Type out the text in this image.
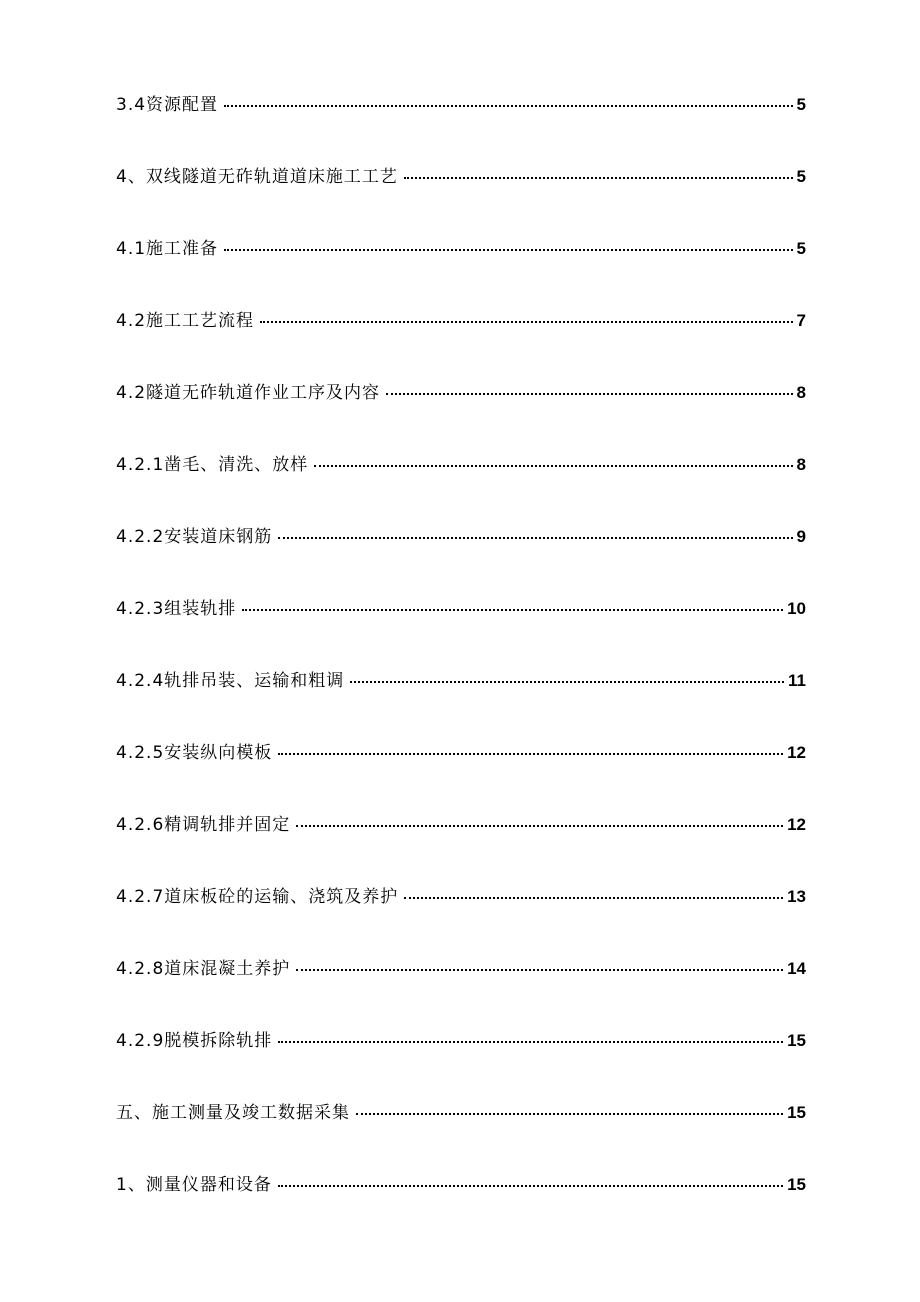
3.4资源配置	5
4、双线隧道无砟轨道道床施工工艺	5
4.1施工准备	5
4.2施工工艺流程	7
4.2隧道无砟轨道作业工序及内容	8
4.2.1凿毛、清洗、放样	8
4.2.2安装道床钢筋	9
4.2.3组装轨排	10
4.2.4轨排吊装、运输和粗调	11
4.2.5安装纵向模板	12
4.2.6精调轨排并固定	12
4.2.7道床板砼的运输、浇筑及养护	13
4.2.8道床混凝土养护	14
4.2.9脱模拆除轨排	15
五、施工测量及竣工数据采集	15
1、测量仪器和设备	15
